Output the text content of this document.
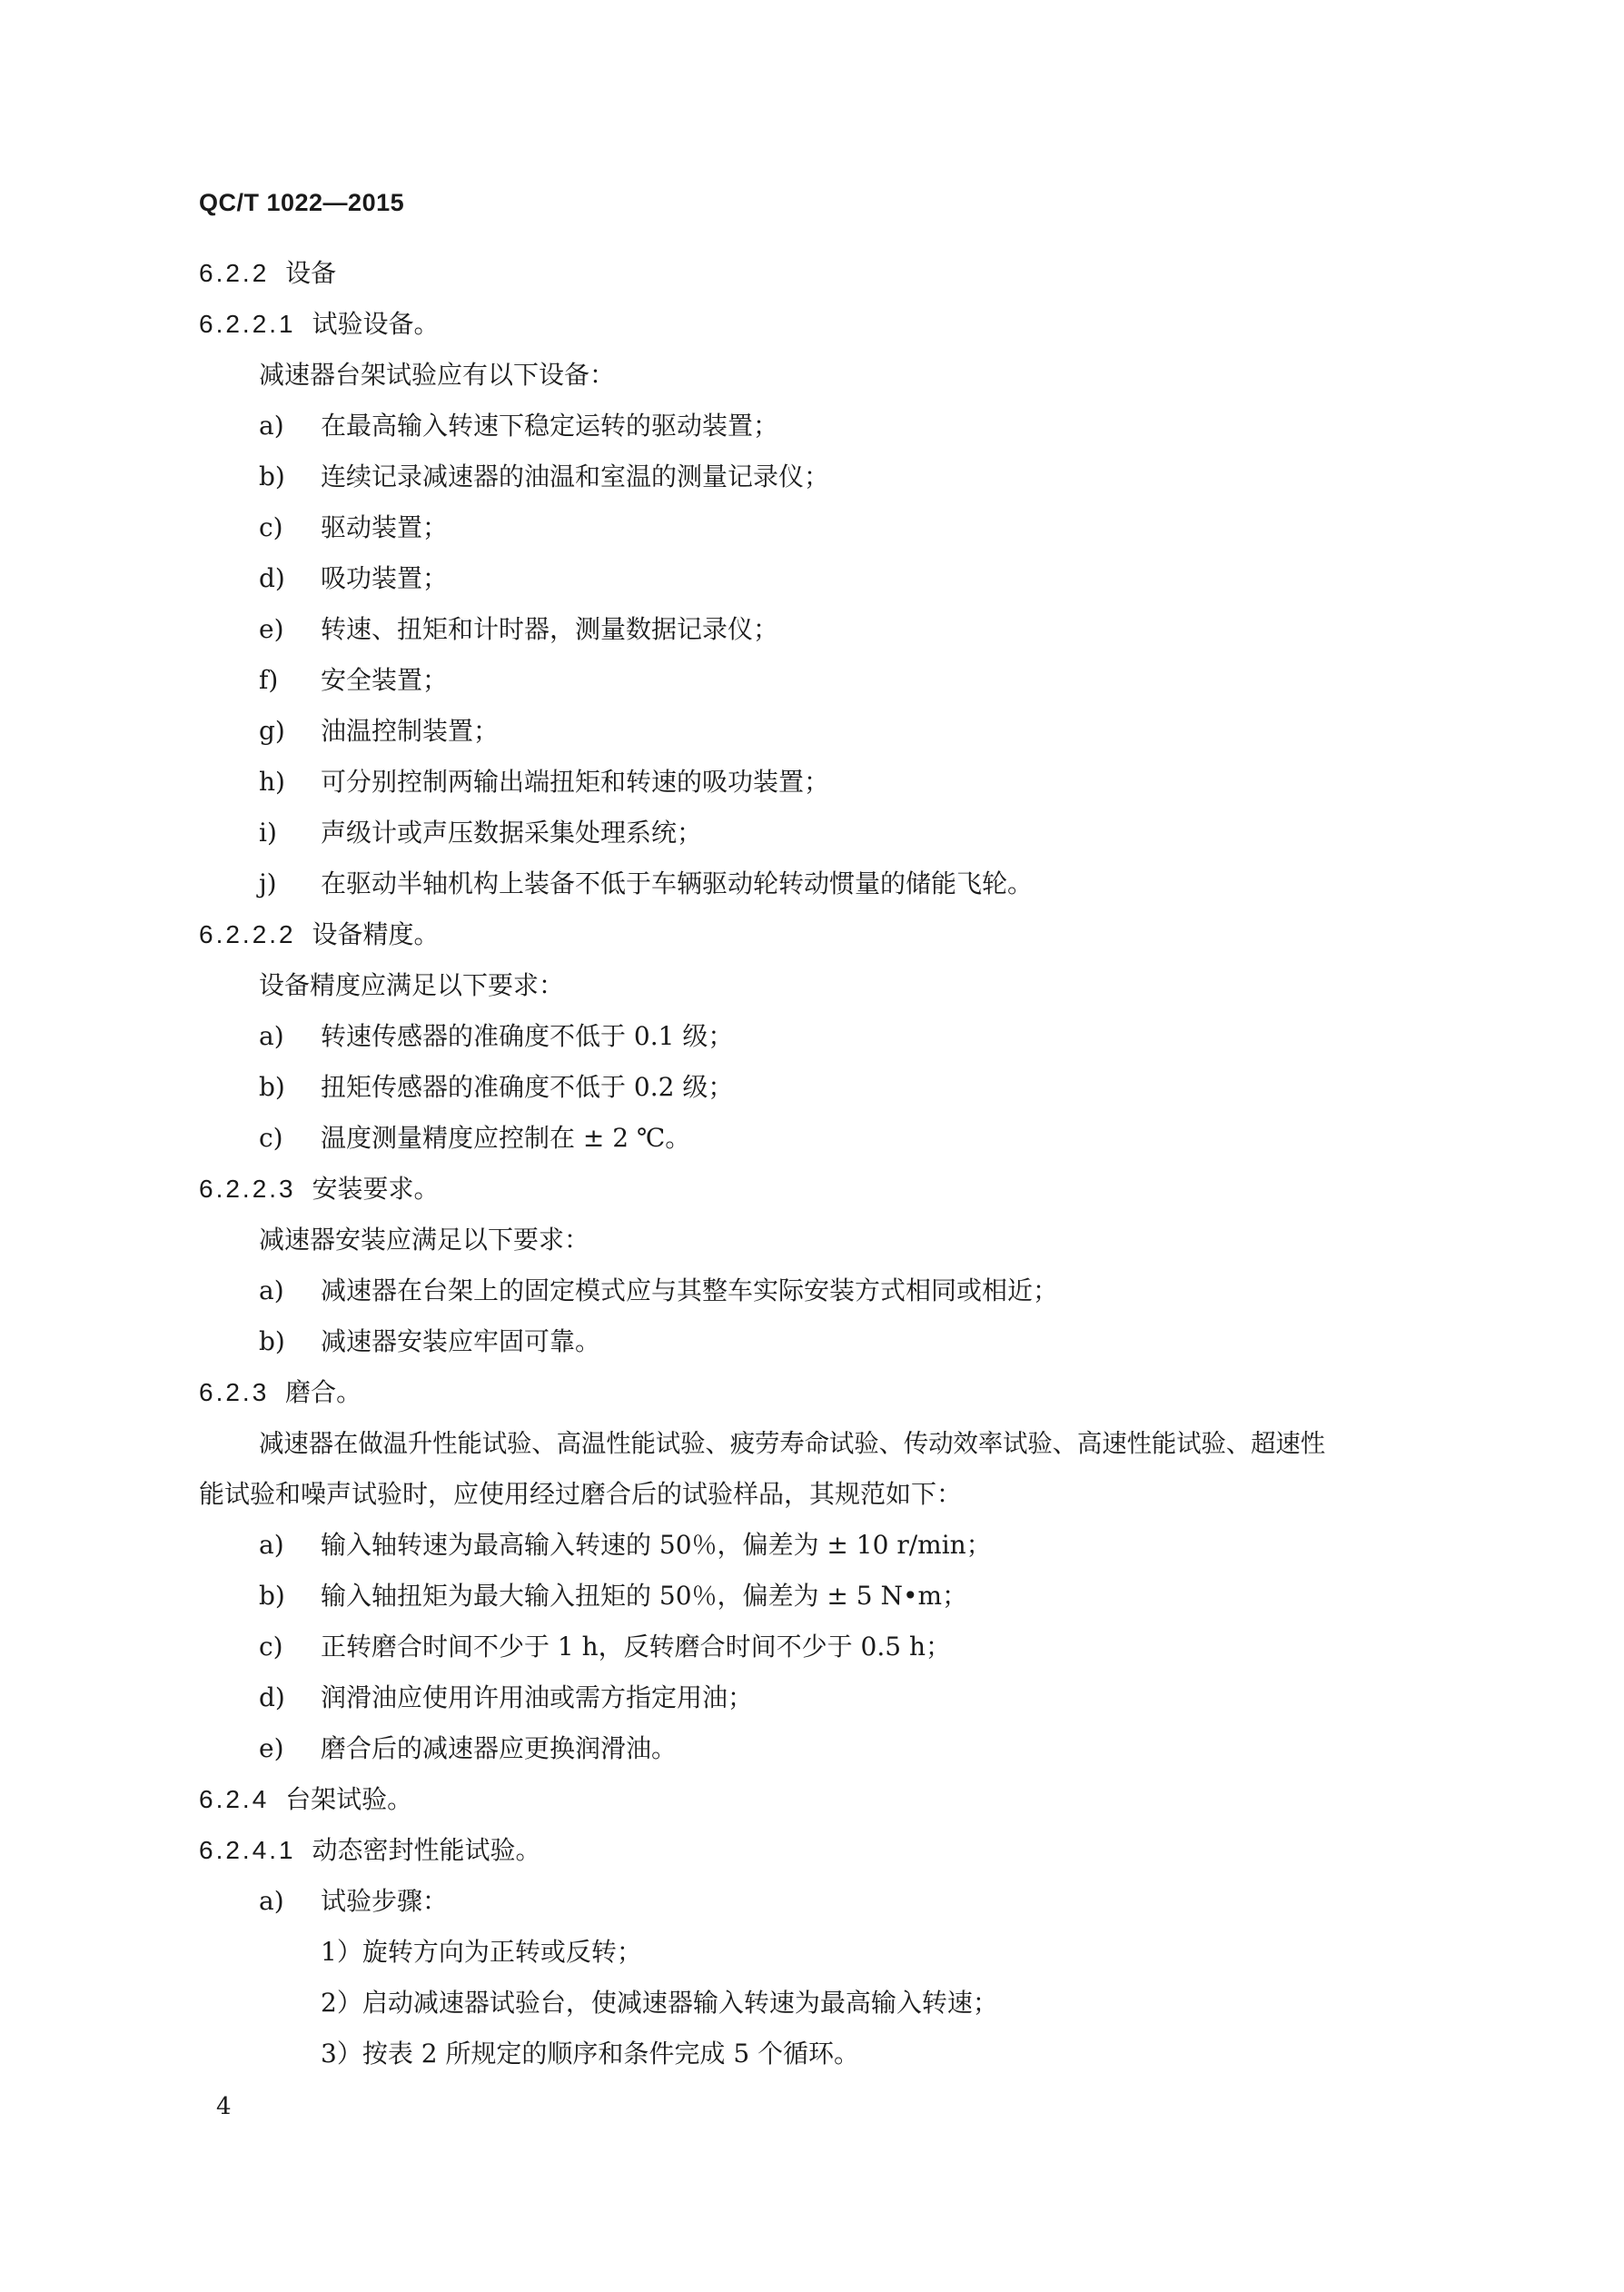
QC/T 1022—2015
6.2.2 设备
6.2.2.1 试验设备。
减速器台架试验应有以下设备：
a) 在最高输入转速下稳定运转的驱动装置；
b) 连续记录减速器的油温和室温的测量记录仪；
c) 驱动装置；
d) 吸功装置；
e) 转速、扭矩和计时器，测量数据记录仪；
f) 安全装置；
g) 油温控制装置；
h) 可分别控制两输出端扭矩和转速的吸功装置；
i) 声级计或声压数据采集处理系统；
j) 在驱动半轴机构上装备不低于车辆驱动轮转动惯量的储能飞轮。
6.2.2.2 设备精度。
设备精度应满足以下要求：
a) 转速传感器的准确度不低于 0.1 级；
b) 扭矩传感器的准确度不低于 0.2 级；
c) 温度测量精度应控制在 ± 2 ℃。
6.2.2.3 安装要求。
减速器安装应满足以下要求：
a) 减速器在台架上的固定模式应与其整车实际安装方式相同或相近；
b) 减速器安装应牢固可靠。
6.2.3 磨合。
减速器在做温升性能试验、高温性能试验、疲劳寿命试验、传动效率试验、高速性能试验、超速性
能试验和噪声试验时，应使用经过磨合后的试验样品，其规范如下：
a) 输入轴转速为最高输入转速的 50％，偏差为 ± 10 r/min；
b) 输入轴扭矩为最大输入扭矩的 50％，偏差为 ± 5 N•m；
c) 正转磨合时间不少于 1 h，反转磨合时间不少于 0.5 h；
d) 润滑油应使用许用油或需方指定用油；
e) 磨合后的减速器应更换润滑油。
6.2.4 台架试验。
6.2.4.1 动态密封性能试验。
a) 试验步骤：
1）旋转方向为正转或反转；
2）启动减速器试验台，使减速器输入转速为最高输入转速；
3）按表 2 所规定的顺序和条件完成 5 个循环。
4
